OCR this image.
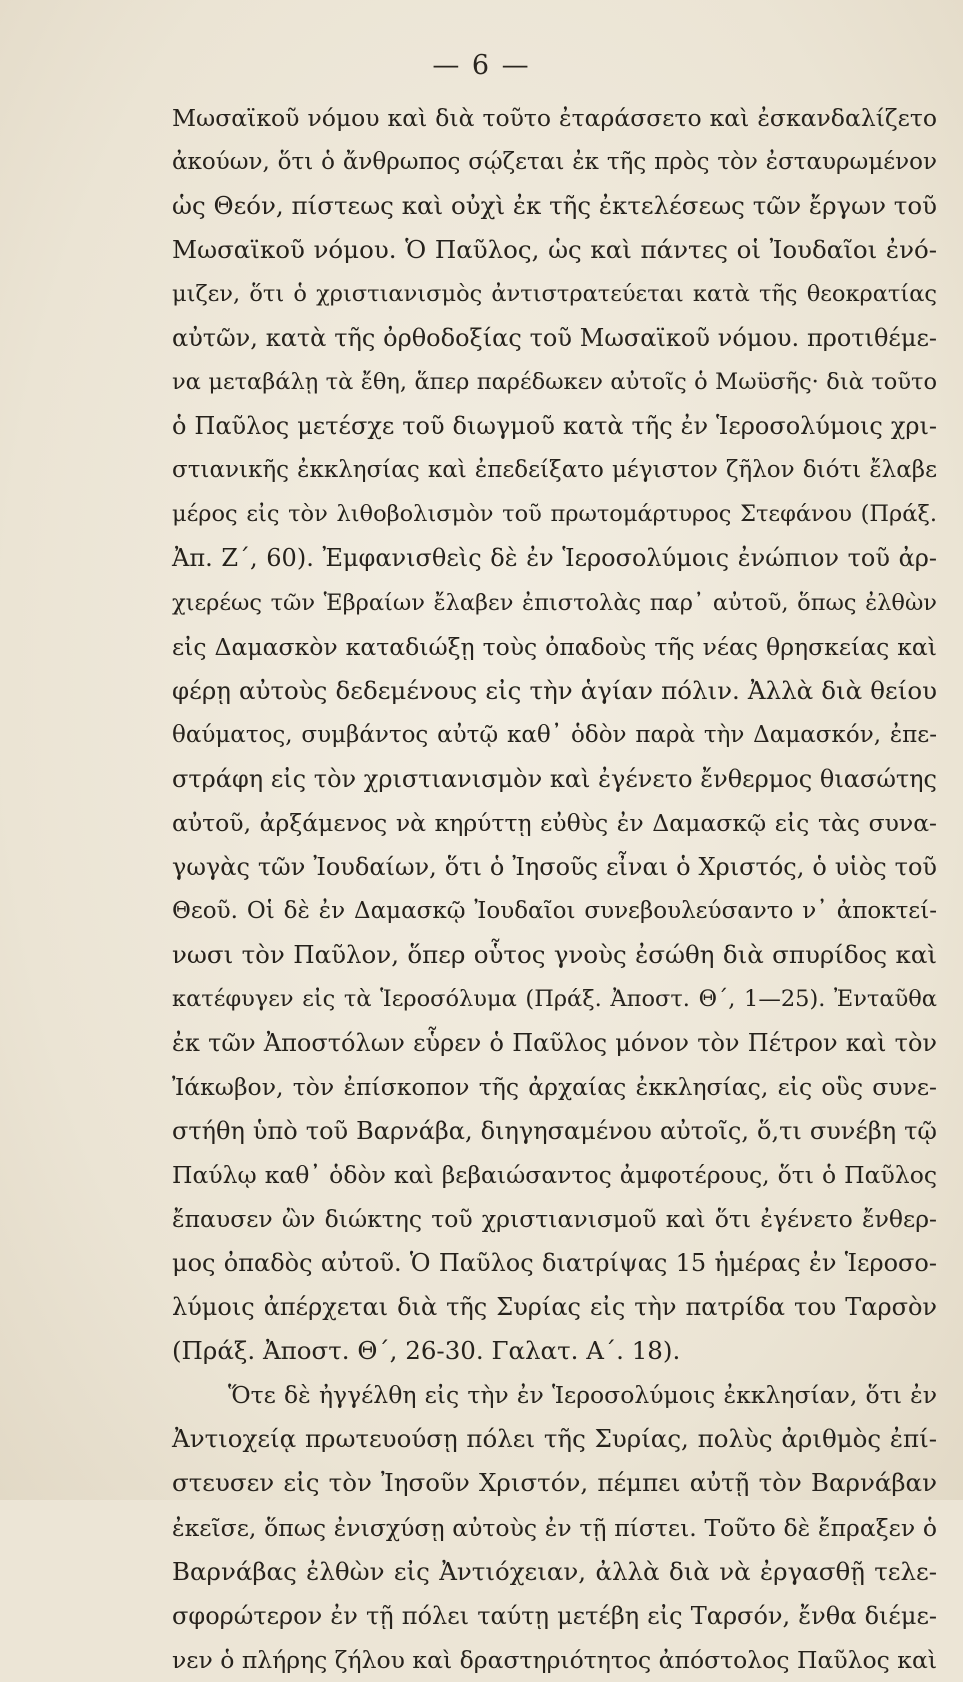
— 6 —
Μωσαϊκοῦ νόμου καὶ διὰ τοῦτο ἐταράσσετο καὶ ἐσκανδαλίζετο
ἀκούων, ὅτι ὁ ἄνθρωπος σῴζεται ἐκ τῆς πρὸς τὸν ἐσταυρωμένον
ὡς Θεόν, πίστεως καὶ οὐχὶ ἐκ τῆς ἐκτελέσεως τῶν ἔργων τοῦ
Μωσαϊκοῦ νόμου. Ὁ Παῦλος, ὡς καὶ πάντες οἱ Ἰουδαῖοι ἐνό-
μιζεν, ὅτι ὁ χριστιανισμὸς ἀντιστρατεύεται κατὰ τῆς θεοκρατίας
αὐτῶν, κατὰ τῆς ὀρθοδοξίας τοῦ Μωσαϊκοῦ νόμου. προτιθέμε-
να μεταβάλῃ τὰ ἔθη, ἅπερ παρέδωκεν αὐτοῖς ὁ Μωϋσῆς· διὰ τοῦτο
ὁ Παῦλος μετέσχε τοῦ διωγμοῦ κατὰ τῆς ἐν Ἱεροσολύμοις χρι-
στιανικῆς ἐκκλησίας καὶ ἐπεδείξατο μέγιστον ζῆλον διότι ἔλαβε
μέρος εἰς τὸν λιθοβολισμὸν τοῦ πρωτομάρτυρος Στεφάνου (Πράξ.
Ἀπ. Ζ΄, 60). Ἐμφανισθεὶς δὲ ἐν Ἱεροσολύμοις ἐνώπιον τοῦ ἀρ-
χιερέως τῶν Ἑβραίων ἔλαβεν ἐπιστολὰς παρ᾽ αὐτοῦ, ὅπως ἐλθὼν
εἰς Δαμασκὸν καταδιώξῃ τοὺς ὀπαδοὺς τῆς νέας θρησκείας καὶ
φέρῃ αὐτοὺς δεδεμένους εἰς τὴν ἁγίαν πόλιν. Ἀλλὰ διὰ θείου
θαύματος, συμβάντος αὐτῷ καθ᾽ ὁδὸν παρὰ τὴν Δαμασκόν, ἐπε-
στράφη εἰς τὸν χριστιανισμὸν καὶ ἐγένετο ἔνθερμος θιασώτης
αὐτοῦ, ἀρξάμενος νὰ κηρύττῃ εὐθὺς ἐν Δαμασκῷ εἰς τὰς συνα-
γωγὰς τῶν Ἰουδαίων, ὅτι ὁ Ἰησοῦς εἶναι ὁ Χριστός, ὁ υἱὸς τοῦ
Θεοῦ. Οἱ δὲ ἐν Δαμασκῷ Ἰουδαῖοι συνεβουλεύσαντο ν᾽ ἀποκτεί-
νωσι τὸν Παῦλον, ὅπερ οὗτος γνοὺς ἐσώθη διὰ σπυρίδος καὶ
κατέφυγεν εἰς τὰ Ἱεροσόλυμα (Πράξ. Ἀποστ. Θ΄, 1—25). Ἐνταῦθα
ἐκ τῶν Ἀποστόλων εὗρεν ὁ Παῦλος μόνον τὸν Πέτρον καὶ τὸν
Ἰάκωβον, τὸν ἐπίσκοπον τῆς ἀρχαίας ἐκκλησίας, εἰς οὓς συνε-
στήθη ὑπὸ τοῦ Βαρνάβα, διηγησαμένου αὐτοῖς, ὅ,τι συνέβη τῷ
Παύλῳ καθ᾽ ὁδὸν καὶ βεβαιώσαντος ἀμφοτέρους, ὅτι ὁ Παῦλος
ἔπαυσεν ὢν διώκτης τοῦ χριστιανισμοῦ καὶ ὅτι ἐγένετο ἔνθερ-
μος ὀπαδὸς αὐτοῦ. Ὁ Παῦλος διατρίψας 15 ἡμέρας ἐν Ἱεροσο-
λύμοις ἀπέρχεται διὰ τῆς Συρίας εἰς τὴν πατρίδα του Ταρσὸν
(Πράξ. Ἀποστ. Θ΄, 26-30. Γαλατ. Α΄. 18).
Ὅτε δὲ ἠγγέλθη εἰς τὴν ἐν Ἱεροσολύμοις ἐκκλησίαν, ὅτι ἐν
Ἀντιοχείᾳ πρωτευούσῃ πόλει τῆς Συρίας, πολὺς ἀριθμὸς ἐπί-
στευσεν εἰς τὸν Ἰησοῦν Χριστόν, πέμπει αὐτῇ τὸν Βαρνάβαν
ἐκεῖσε, ὅπως ἐνισχύσῃ αὐτοὺς ἐν τῇ πίστει. Τοῦτο δὲ ἔπραξεν ὁ
Βαρνάβας ἐλθὼν εἰς Ἀντιόχειαν, ἀλλὰ διὰ νὰ ἐργασθῇ τελε-
σφορώτερον ἐν τῇ πόλει ταύτῃ μετέβη εἰς Ταρσόν, ἔνθα διέμε-
νεν ὁ πλήρης ζήλου καὶ δραστηριότητος ἀπόστολος Παῦλος καὶ
